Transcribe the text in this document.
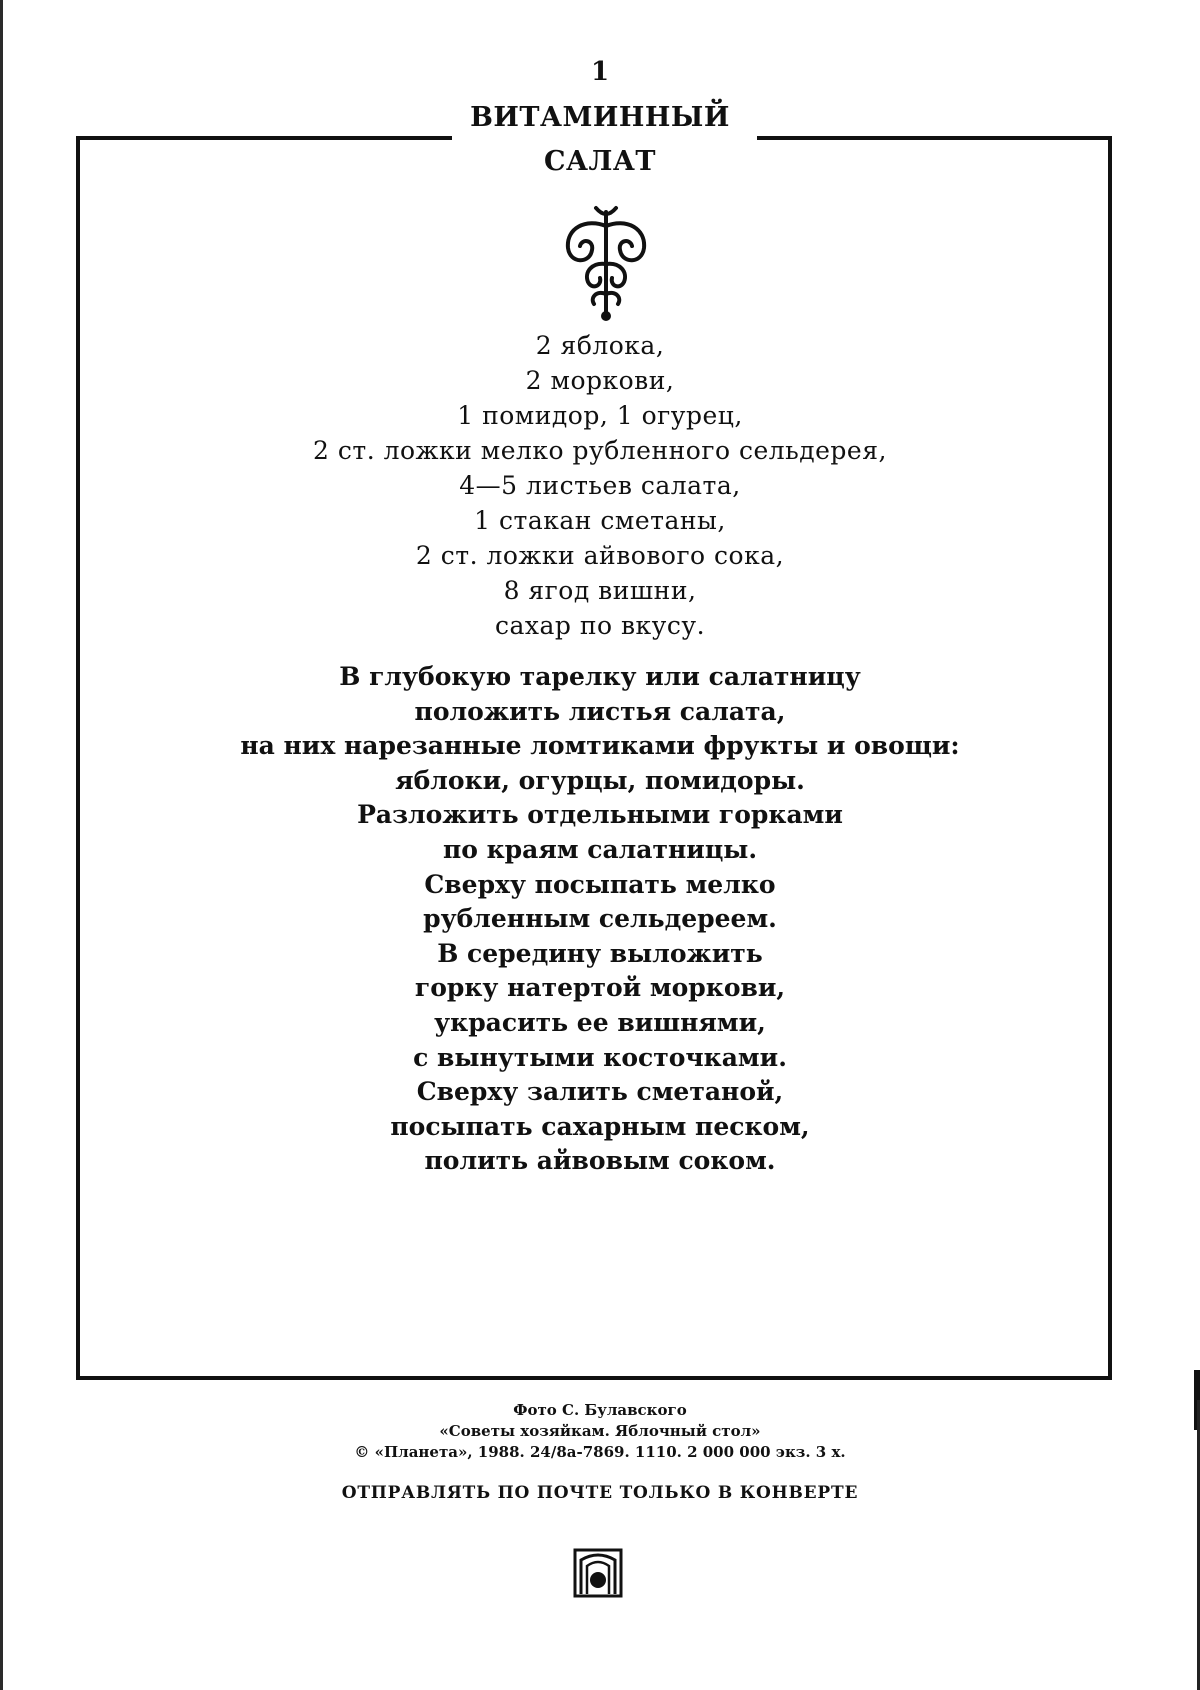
1
ВИТАМИННЫЙ
САЛАТ
2 яблока,
2 моркови,
1 помидор, 1 огурец,
2 ст. ложки мелко рубленного сельдерея,
4—5 листьев салата,
1 стакан сметаны,
2 ст. ложки айвового сока,
8 ягод вишни,
сахар по вкусу.
В глубокую тарелку или салатницу
положить листья салата,
на них нарезанные ломтиками фрукты и овощи:
яблоки, огурцы, помидоры.
Разложить отдельными горками
по краям салатницы.
Сверху посыпать мелко
рубленным сельдереем.
В середину выложить
горку натертой моркови,
украсить ее вишнями,
с вынутыми косточками.
Сверху залить сметаной,
посыпать сахарным песком,
полить айвовым соком.
Фото С. Булавского
«Советы хозяйкам. Яблочный стол»
© «Планета», 1988. 24/8а-7869. 1110. 2 000 000 экз. 3 х.
ОТПРАВЛЯТЬ ПО ПОЧТЕ ТОЛЬКО В КОНВЕРТЕ
